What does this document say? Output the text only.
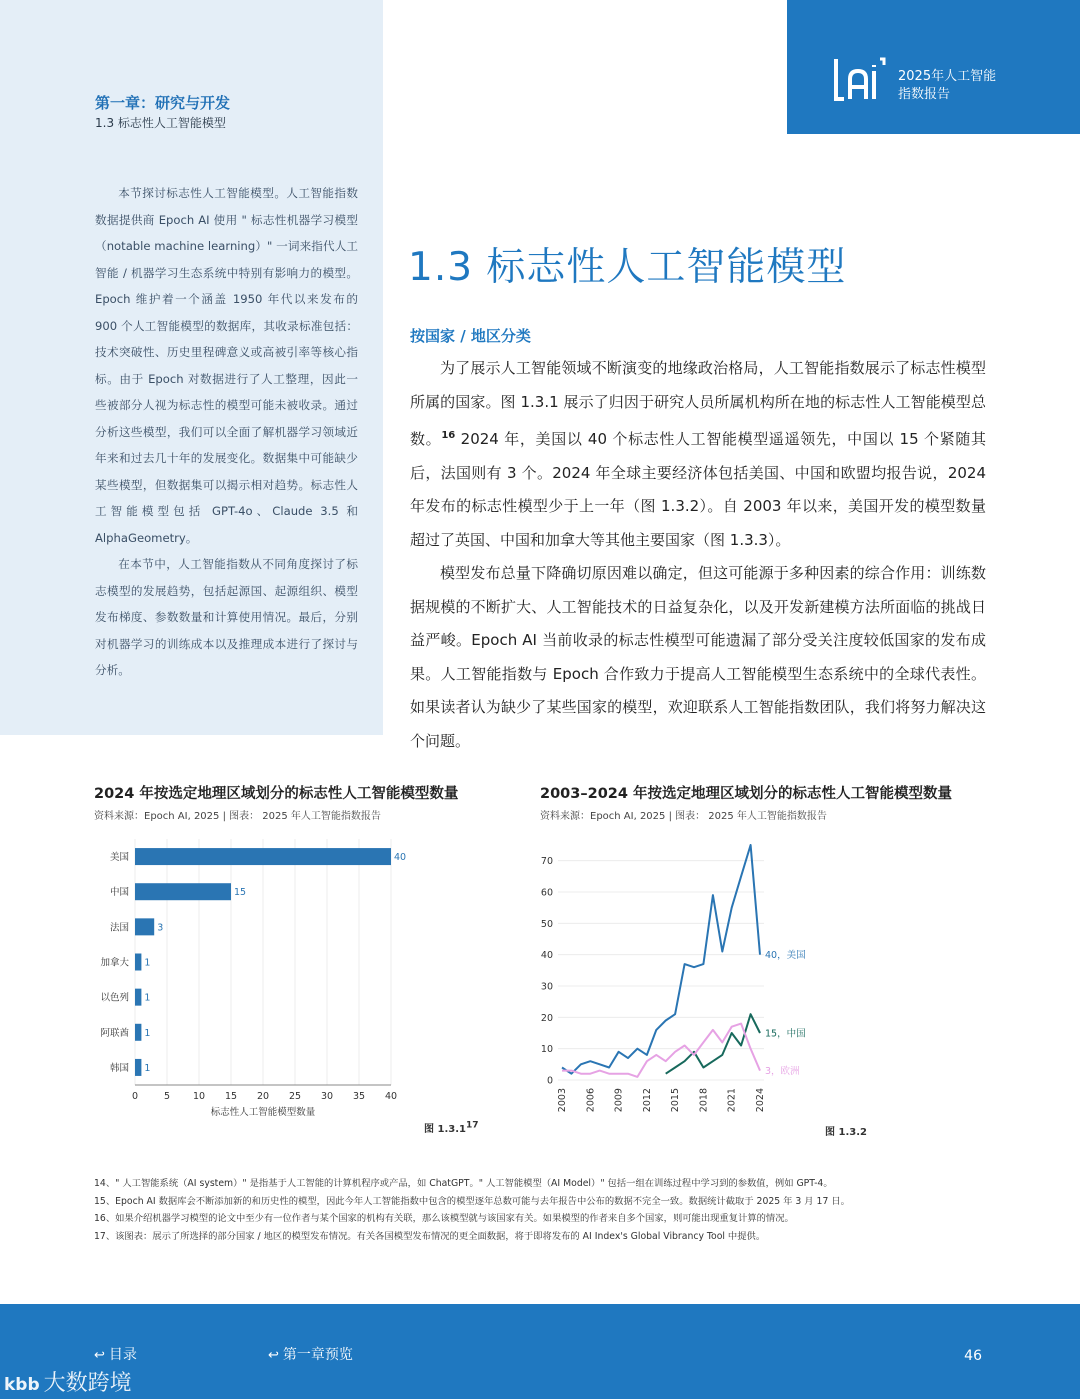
第一章：研究与开发
1.3 标志性人工智能模型

本节探讨标志性人工智能模型。人工智能指数数据提供商 Epoch AI 使用 " 标志性机器学习模型（notable machine learning）" 一词来指代人工智能 / 机器学习生态系统中特别有影响力的模型。Epoch 维护着一个涵盖 1950 年代以来发布的 900 个人工智能模型的数据库，其收录标准包括：技术突破性、历史里程碑意义或高被引率等核心指标。由于 Epoch 对数据进行了人工整理，因此一些被部分人视为标志性的模型可能未被收录。通过分析这些模型，我们可以全面了解机器学习领域近年来和过去几十年的发展变化。数据集中可能缺少某些模型，但数据集可以揭示相对趋势。标志性人工智能模型包括 GPT-4o、Claude 3.5 和 AlphaGeometry。

在本节中，人工智能指数从不同角度探讨了标志模型的发展趋势，包括起源国、起源组织、模型发布梯度、参数数量和计算使用情况。最后，分别对机器学习的训练成本以及推理成本进行了探讨与分析。

AI
2025年人工智能
指数报告
1.3 标志性人工智能模型
按国家 / 地区分类

为了展示人工智能领域不断演变的地缘政治格局，人工智能指数展示了标志性模型所属的国家。图 1.3.1 展示了归因于研究人员所属机构所在地的标志性人工智能模型总数。$^{16}$ 2024 年，美国以 40 个标志性人工智能模型遥遥领先，中国以 15 个紧随其后，法国则有 3 个。2024 年全球主要经济体包括美国、中国和欧盟均报告说，2024 年发布的标志性模型少于上一年（图 1.3.2）。自 2003 年以来，美国开发的模型数量超过了英国、中国和加拿大等其他主要国家（图 1.3.3）。

模型发布总量下降确切原因难以确定，但这可能源于多种因素的综合作用：训练数据规模的不断扩大、人工智能技术的日益复杂化，以及开发新建模方法所面临的挑战日益严峻。Epoch AI 当前收录的标志性模型可能遗漏了部分受关注度较低国家的发布成果。人工智能指数与 Epoch 合作致力于提高人工智能模型生态系统中的全球代表性。如果读者认为缺少了某些国家的模型，欢迎联系人工智能指数团队，我们将努力解决这个问题。

2024 年按选定地理区域划分的标志性人工智能模型数量
资料来源：Epoch AI, 2025 | 图表： 2025 年人工智能指数报告
0	5 10 15 20 25 30 35 40
美国	40
中国	15
法国	3
加拿大 1
以色列 1
阿联酋 1
韩国 1
标志性人工智能模型数量
图 1.3.1$^{17}$
2003–2024 年按选定地理区域划分的标志性人工智能模型数量
资料来源：Epoch AI, 2025 | 图表： 2025 年人工智能指数报告
0
10
20
30
40
50
60
70
2003 2006 2009 2012 2015 2018 2021 2024
40，美国
15，中国
3，欧洲
图 1.3.2
14、" 人工智能系统（AI system）" 是指基于人工智能的计算机程序或产品，如 ChatGPT。" 人工智能模型（AI Model）" 包括一组在训练过程中学习到的参数值，例如 GPT-4。
15、Epoch AI 数据库会不断添加新的和历史性的模型，因此今年人工智能指数中包含的模型逐年总数可能与去年报告中公布的数据不完全一致。数据统计截取于 2025 年 3 月 17 日。
16、如果介绍机器学习模型的论文中至少有一位作者与某个国家的机构有关联，那么该模型就与该国家有关。如果模型的作者来自多个国家，则可能出现重复计算的情况。
17、该图表：展示了所选择的部分国家 / 地区的模型发布情况。有关各国模型发布情况的更全面数据，将于即将发布的 AI Index's Global Vibrancy Tool 中提供。
↩ 目录	↩ 第一章预览	46
kbb 大数跨境
